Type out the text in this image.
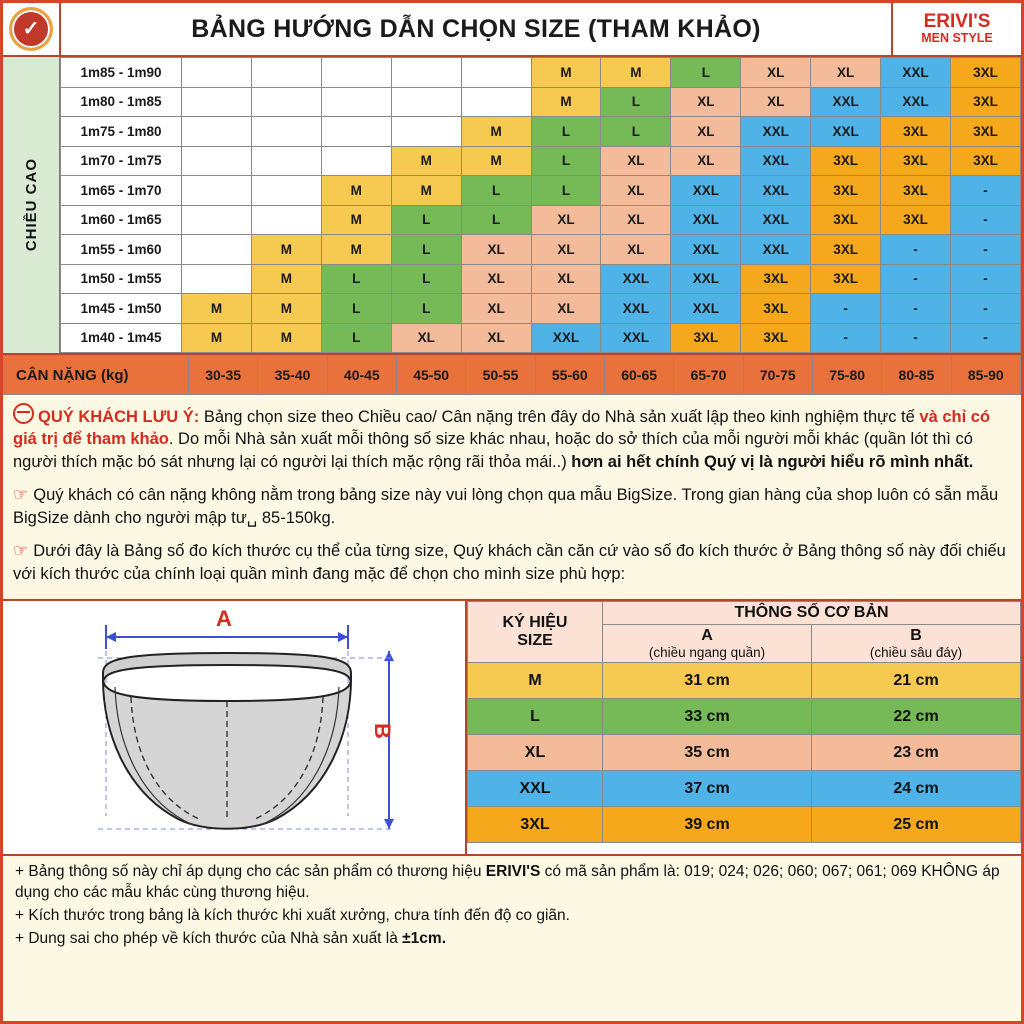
✓	BẢNG HƯỚNG DẪN CHỌN SIZE (THAM KHẢO)	ERIVI'S
MEN STYLE
CHIỀU CAO
1m85 - 1m90						M	M	L	XL	XL	XXL	3XL
1m80 - 1m85						M	L	XL	XL	XXL	XXL	3XL
1m75 - 1m80					M	L	L	XL	XXL	XXL	3XL	3XL
1m70 - 1m75				M	M	L	XL	XL	XXL	3XL	3XL	3XL
1m65 - 1m70			M	M	L	L	XL	XXL	XXL	3XL	3XL	-
1m60 - 1m65			M	L	L	XL	XL	XXL	XXL	3XL	3XL	-
1m55 - 1m60		M	M	L	XL	XL	XL	XXL	XXL	3XL	-	-
1m50 - 1m55		M	L	L	XL	XL	XXL	XXL	3XL	3XL	-	-
1m45 - 1m50	M	M	L	L	XL	XL	XXL	XXL	3XL	-	-	-
1m40 - 1m45	M	M	L	XL	XL	XXL	XXL	3XL	3XL	-	-	-
CÂN NẶNG (kg)	30-35	35-40	40-45	45-50	50-55	55-60	60-65	65-70	70-75	75-80	80-85	85-90

QUÝ KHÁCH LƯU Ý: Bảng chọn size theo Chiều cao/ Cân nặng trên đây do Nhà sản xuất lập theo kinh nghiệm thực tế và chỉ có giá trị để tham khảo. Do mỗi Nhà sản xuất mỗi thông số size khác nhau, hoặc do sở thích của mỗi người mỗi khác (quần lót thì có người thích mặc bó sát nhưng lại có người lại thích mặc rộng rãi thỏa mái..) hơn ai hết chính Quý vị là người hiểu rõ mình nhất.

☞ Quý khách có cân nặng không nằm trong bảng size này vui lòng chọn qua mẫu BigSize. Trong gian hàng của shop luôn có sẵn mẫu BigSize dành cho người mập tư␣ 85-150kg.

☞ Dưới đây là Bảng số đo kích thước cụ thể của từng size, Quý khách cần căn cứ vào số đo kích thước ở Bảng thông số này đối chiếu với kích thước của chính loại quần mình đang mặc để chọn cho mình size phù hợp:

A
B
KÝ HIỆU
SIZE	THÔNG SỐ CƠ BẢN	
	A
(chiều ngang quần)	B
(chiều sâu đáy)

M	31 cm	21 cm
L	33 cm	22 cm
XL	35 cm	23 cm
XXL	37 cm	24 cm
3XL	39 cm	25 cm

+ Bảng thông số này chỉ áp dụng cho các sản phẩm có thương hiệu ERIVI'S có mã sản phẩm là: 019; 024; 026; 060; 067; 061; 069 KHÔNG áp dụng cho các mẫu khác cùng thương hiệu.

+ Kích thước trong bảng là kích thước khi xuất xưởng, chưa tính đến độ co giãn.

+ Dung sai cho phép về kích thước của Nhà sản xuất là ±1cm.
